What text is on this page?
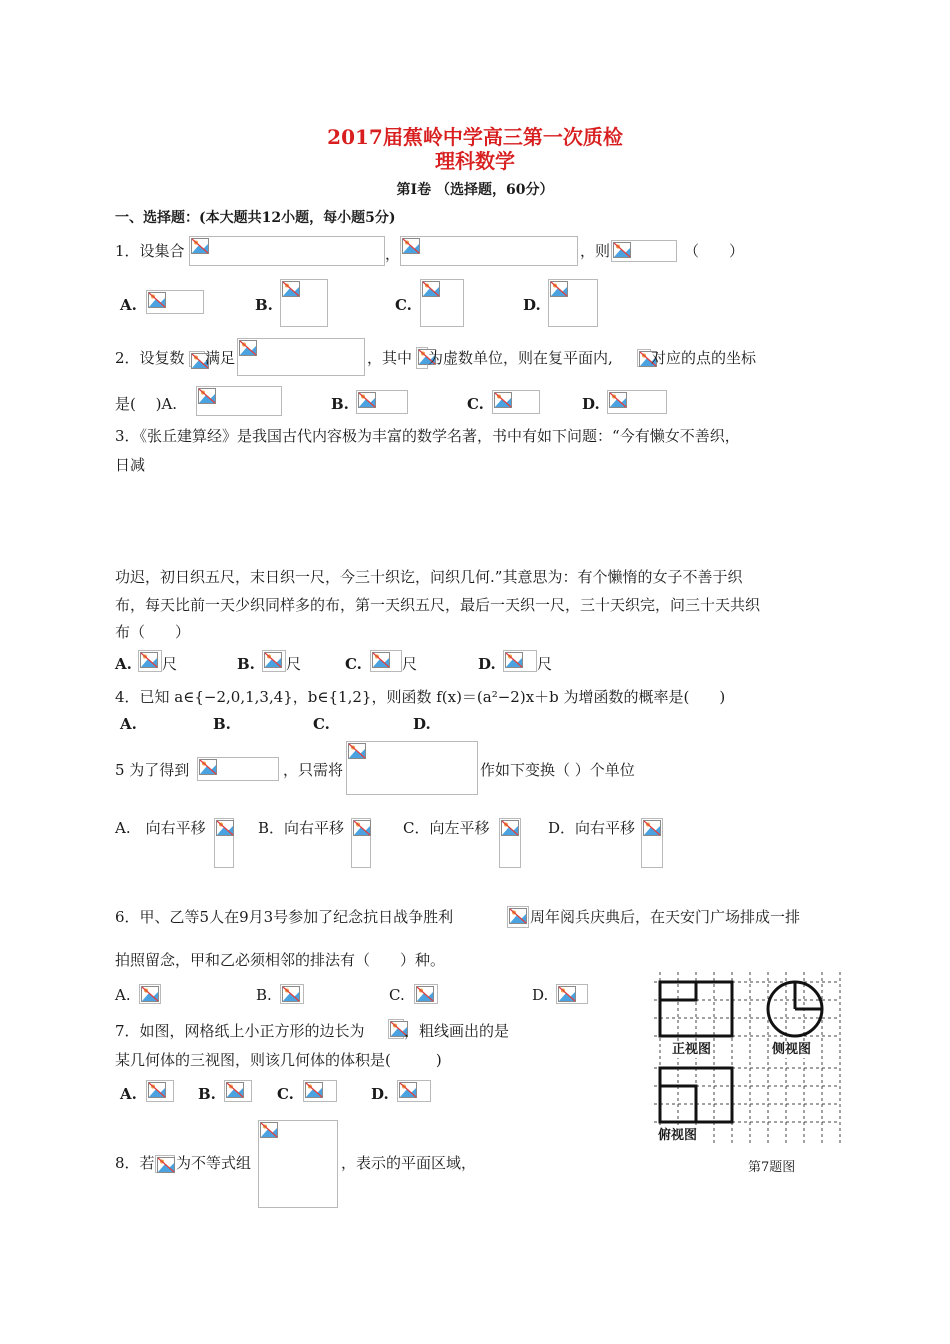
2017届蕉岭中学高三第一次质检
理科数学
第Ⅰ卷 （选择题，60分）
一、选择题：(本大题共12小题，每小题5分)
1．设集合	，	，则	（　　）
A.	B.	C.	D.
2．设复数 满足	，其中 为虚数单位，则在复平面内,	对应的点的坐标
是(　 )A.	B.	C.	D.
3．《张丘建算经》是我国古代内容极为丰富的数学名著，书中有如下问题：“今有懒女不善织，
日减
功迟，初日织五尺，末日织一尺，今三十织讫，问织几何.”其意思为：有个懒惰的女子不善于织
布，每天比前一天少织同样多的布，第一天织五尺，最后一天织一尺，三十天织完，问三十天共织
布（　　）
A. 尺	B. 尺	C.	尺	D.	尺
4．已知 a∈{−2,0,1,3,4}，b∈{1,2}，则函数 f(x)＝(a²−2)x＋b 为增函数的概率是(　　)
A.	B.	C.	D.
5 为了得到	，只需将	作如下变换（ ）个单位
A.　向右平移	B．向右平移	C．向左平移	D．向右平移
6．甲、乙等5人在9月3号参加了纪念抗日战争胜利	周年阅兵庆典后，在天安门广场排成一排
拍照留念，甲和乙必须相邻的排法有（　　）种。
A.	B.	C.	D.
7．如图，网格纸上小正方形的边长为	，粗线画出的是
某几何体的三视图，则该几何体的体积是(　　　)
A.	B.	C.	D.
8．若 为不等式组	，表示的平面区域，
正视图	侧视图
俯视图
第7题图
